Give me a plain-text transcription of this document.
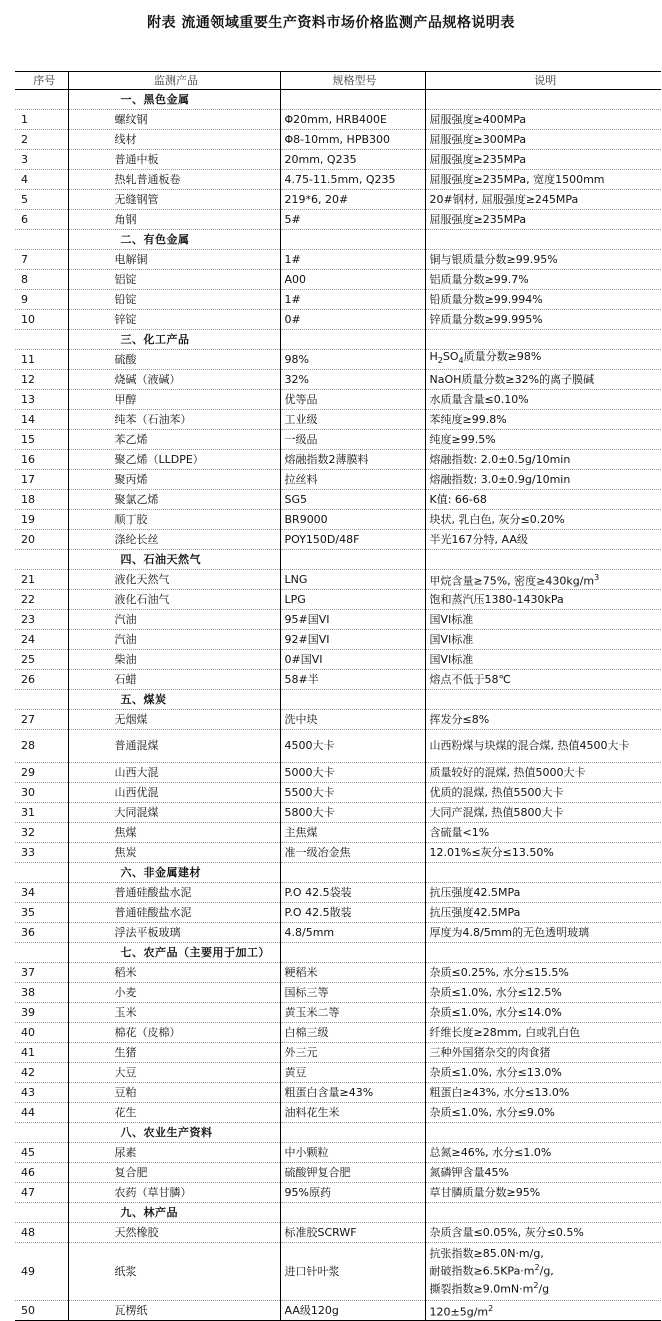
附表 流通领域重要生产资料市场价格监测产品规格说明表
序号	监测产品	规格型号	说明
	一、黑色金属		
1	螺纹钢	Φ20mm, HRB400E	屈服强度≥400MPa
2	线材	Φ8-10mm, HPB300	屈服强度≥300MPa
3	普通中板	20mm, Q235	屈服强度≥235MPa
4	热轧普通板卷	4.75-11.5mm, Q235	屈服强度≥235MPa, 宽度1500mm
5	无缝钢管	219*6, 20#	20#钢材, 屈服强度≥245MPa
6	角钢	5#	屈服强度≥235MPa
	二、有色金属		
7	电解铜	1#	铜与银质量分数≥99.95%
8	铝锭	A00	铝质量分数≥99.7%
9	铅锭	1#	铅质量分数≥99.994%
10	锌锭	0#	锌质量分数≥99.995%
	三、化工产品		
11	硫酸	98%	$H_2SO_4$质量分数≥98%
12	烧碱（液碱）	32%	NaOH质量分数≥32%的离子膜碱
13	甲醇	优等品	水质量含量≤0.10%
14	纯苯（石油苯）	工业级	苯纯度≥99.8%
15	苯乙烯	一级品	纯度≥99.5%
16	聚乙烯（LLDPE）	熔融指数2薄膜料	熔融指数: 2.0±0.5g/10min
17	聚丙烯	拉丝料	熔融指数: 3.0±0.9g/10min
18	聚氯乙烯	SG5	K值: 66-68
19	顺丁胶	BR9000	块状, 乳白色, 灰分≤0.20%
20	涤纶长丝	POY150D/48F	半光167分特, AA级
	四、石油天然气		
21	液化天然气	LNG	甲烷含量≥75%, 密度$\ge 430kg/m^3$
22	液化石油气	LPG	饱和蒸汽压1380-1430kPa
23	汽油	95#国VI	国VI标准
24	汽油	92#国VI	国VI标准
25	柴油	0#国VI	国VI标准
26	石蜡	58#半	熔点不低于58℃
	五、煤炭		
27	无烟煤	洗中块	挥发分≤8%
28	普通混煤	4500大卡	山西粉煤与块煤的混合煤, 热值4500大卡
29	山西大混	5000大卡	质量较好的混煤, 热值5000大卡
30	山西优混	5500大卡	优质的混煤, 热值5500大卡
31	大同混煤	5800大卡	大同产混煤, 热值5800大卡
32	焦煤	主焦煤	含硫量<1%
33	焦炭	准一级冶金焦	12.01%≤灰分≤13.50%
	六、非金属建材		
34	普通硅酸盐水泥	P.O 42.5袋装	抗压强度42.5MPa
35	普通硅酸盐水泥	P.O 42.5散装	抗压强度42.5MPa
36	浮法平板玻璃	4.8/5mm	厚度为4.8/5mm的无色透明玻璃
	七、农产品（主要用于加工）		
37	稻米	粳稻米	杂质≤0.25%, 水分≤15.5%
38	小麦	国标三等	杂质≤1.0%, 水分≤12.5%
39	玉米	黄玉米二等	杂质≤1.0%, 水分≤14.0%
40	棉花（皮棉）	白棉三级	纤维长度≥28mm, 白或乳白色
41	生猪	外三元	三种外国猪杂交的肉食猪
42	大豆	黄豆	杂质≤1.0%, 水分≤13.0%
43	豆粕	粗蛋白含量≥43%	粗蛋白≥43%, 水分≤13.0%
44	花生	油料花生米	杂质≤1.0%, 水分≤9.0%
	八、农业生产资料		
45	尿素	中小颗粒	总氮≥46%, 水分≤1.0%
46	复合肥	硫酸钾复合肥	氮磷钾含量45%
47	农药（草甘膦）	95%原药	草甘膦质量分数≥95%
	九、林产品		
48	天然橡胶	标准胶SCRWF	杂质含量≤0.05%, 灰分≤0.5%
49	纸浆	进口针叶浆	抗张指数≥85.0N·m/g,
耐破指数$\ge 6.5KPa\cdot m^2/g$,
撕裂指数$\ge 9.0mN\cdot m^2/g$

50	瓦楞纸	AA级120g	$120\pm 5g/m^2$
